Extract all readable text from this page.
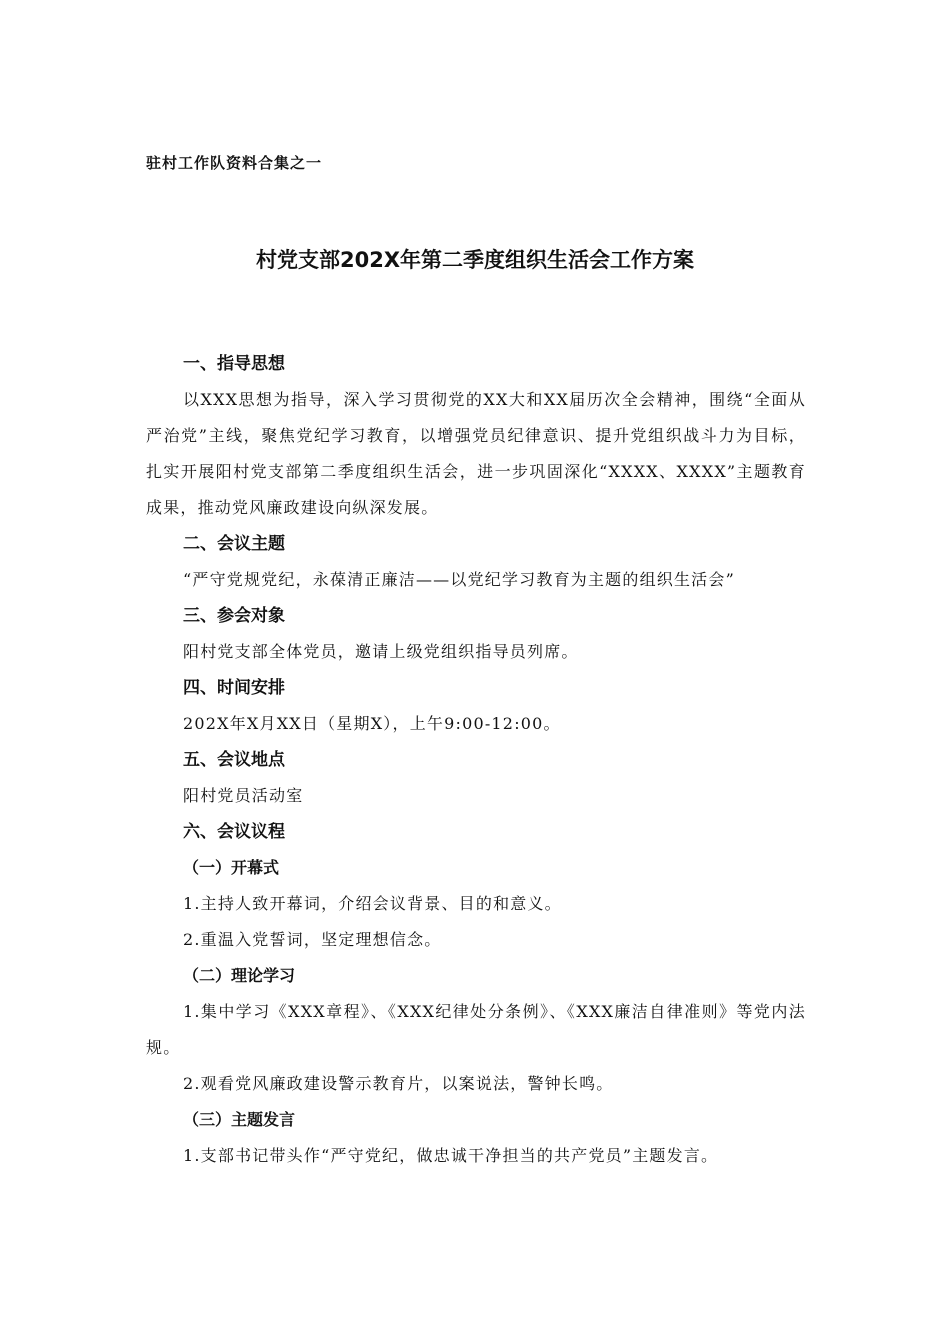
驻村工作队资料合集之一
村党支部202X年第二季度组织生活会工作方案
一、指导思想
以XXX思想为指导，深入学习贯彻党的XX大和XX届历次全会精神，围绕“全面从严治党”主线，聚焦党纪学习教育，以增强党员纪律意识、提升党组织战斗力为目标，扎实开展阳村党支部第二季度组织生活会，进一步巩固深化“XXXX、XXXX”主题教育成果，推动党风廉政建设向纵深发展。
二、会议主题
“严守党规党纪，永葆清正廉洁——以党纪学习教育为主题的组织生活会”
三、参会对象
阳村党支部全体党员，邀请上级党组织指导员列席。
四、时间安排
202X年X月XX日（星期X），上午9:00-12:00。
五、会议地点
阳村党员活动室
六、会议议程
（一）开幕式
1.主持人致开幕词，介绍会议背景、目的和意义。
2.重温入党誓词，坚定理想信念。
（二）理论学习
1.集中学习《XXX章程》、《XXX纪律处分条例》、《XXX廉洁自律准则》等党内法规。
2.观看党风廉政建设警示教育片，以案说法，警钟长鸣。
（三）主题发言
1.支部书记带头作“严守党纪，做忠诚干净担当的共产党员”主题发言。
